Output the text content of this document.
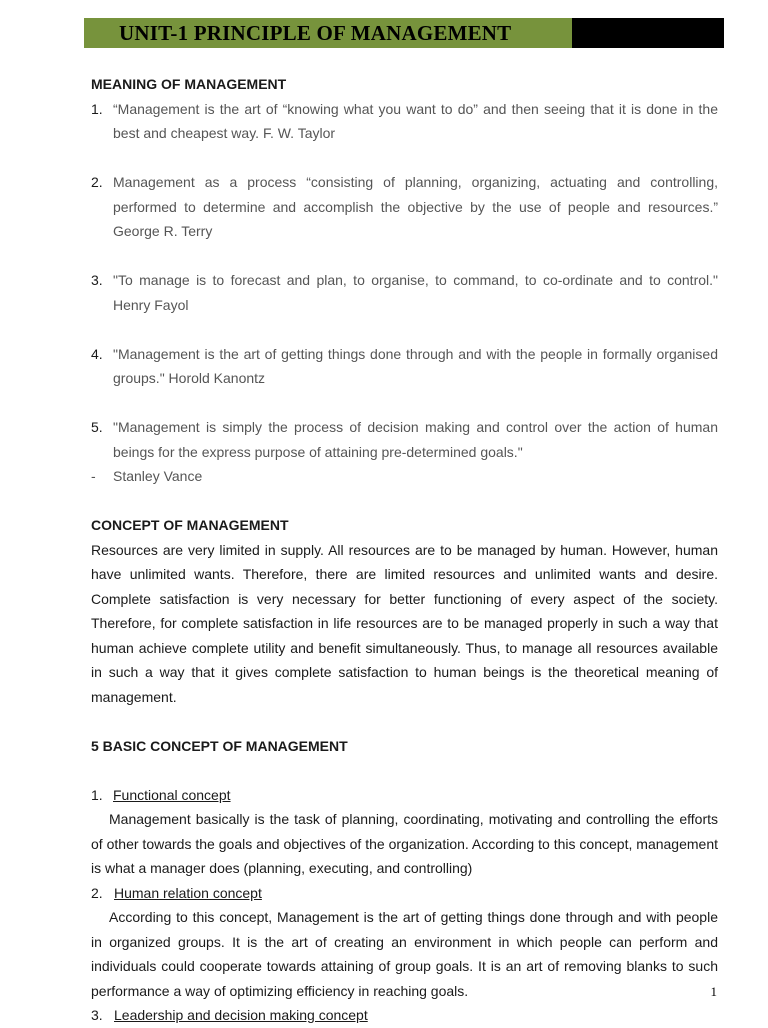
UNIT-1 PRINCIPLE OF MANAGEMENT

MEANING OF MANAGEMENT

1. “Management is the art of “knowing what you want to do” and then seeing that it is done in the best and cheapest way. F. W. Taylor
2. Management as a process “consisting of planning, organizing, actuating and controlling, performed to determine and accomplish the objective by the use of people and resources.” George R. Terry
3. "To manage is to forecast and plan, to organise, to command, to co-ordinate and to control." Henry Fayol
4. "Management is the art of getting things done through and with the people in formally organised groups." Horold Kanontz
5. "Management is simply the process of decision making and control over the action of human beings for the express purpose of attaining pre-determined goals."
-	Stanley Vance

CONCEPT OF MANAGEMENT

Resources are very limited in supply. All resources are to be managed by human. However, human have unlimited wants. Therefore, there are limited resources and unlimited wants and desire. Complete satisfaction is very necessary for better functioning of every aspect of the society. Therefore, for complete satisfaction in life resources are to be managed properly in such a way that human achieve complete utility and benefit simultaneously. Thus, to manage all resources available in such a way that it gives complete satisfaction to human beings is the theoretical meaning of management.

5 BASIC CONCEPT OF MANAGEMENT

1. Functional concept

Management basically is the task of planning, coordinating, motivating and controlling the efforts of other towards the goals and objectives of the organization. According to this concept, management is what a manager does (planning, executing, and controlling)

2. Human relation concept

According to this concept, Management is the art of getting things done through and with people in organized groups. It is the art of creating an environment in which people can perform and individuals could cooperate towards attaining of group goals. It is an art of removing blanks to such performance a way of optimizing efficiency in reaching goals.

3. Leadership and decision making concept
1
